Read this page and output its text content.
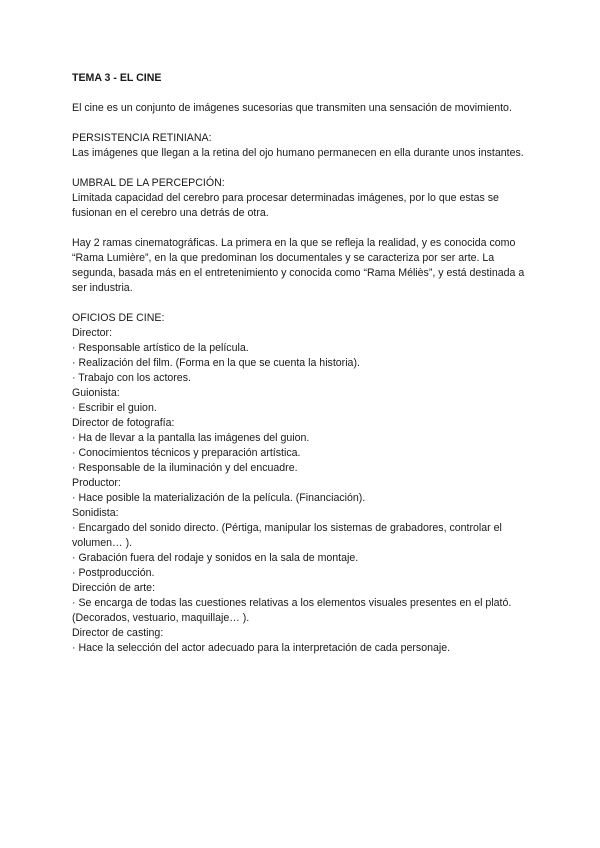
TEMA 3 - EL CINE

El cine es un conjunto de imágenes sucesorias que transmiten una sensación de movimiento.

PERSISTENCIA RETINIANA:

Las imágenes que llegan a la retina del ojo humano permanecen en ella durante unos instantes.

UMBRAL DE LA PERCEPCIÓN:

Limitada capacidad del cerebro para procesar determinadas imágenes, por lo que estas se fusionan en el cerebro una detrás de otra.

Hay 2 ramas cinematográficas. La primera en la que se refleja la realidad, y es conocida como “Rama Lumière”, en la que predominan los documentales y se caracteriza por ser arte. La segunda, basada más en el entretenimiento y conocida como “Rama Méliès”, y está destinada a ser industria.

OFICIOS DE CINE:

Director:

· Responsable artístico de la película.

· Realización del film. (Forma en la que se cuenta la historia).

· Trabajo con los actores.

Guionista:

· Escribir el guion.

Director de fotografía:

· Ha de llevar a la pantalla las imágenes del guion.

· Conocimientos técnicos y preparación artística.

· Responsable de la iluminación y del encuadre.

Productor:

· Hace posible la materialización de la película. (Financiación).

Sonidista:

· Encargado del sonido directo. (Pértiga, manipular los sistemas de grabadores, controlar el volumen… ).

· Grabación fuera del rodaje y sonidos en la sala de montaje.

· Postproducción.

Dirección de arte:

· Se encarga de todas las cuestiones relativas a los elementos visuales presentes en el plató. (Decorados, vestuario, maquillaje… ).

Director de casting:

· Hace la selección del actor adecuado para la interpretación de cada personaje.
